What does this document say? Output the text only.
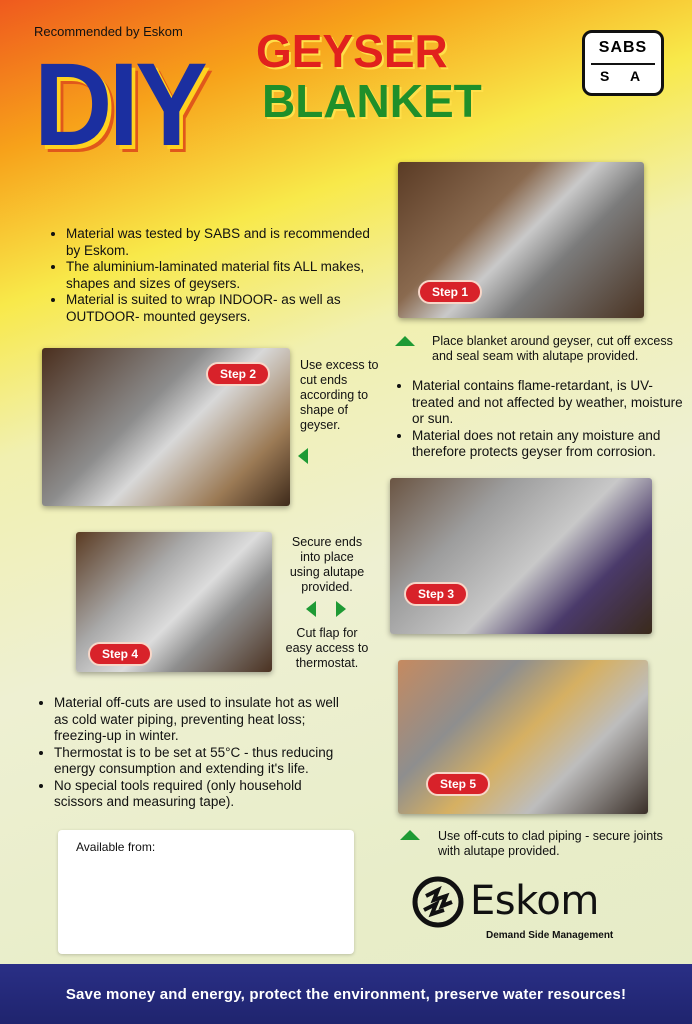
Recommended by Eskom
DIY GEYSER
BLANKET
SABS
S A
• Material was tested by SABS and is recommended by Eskom.
• The aluminium-laminated material fits ALL makes, shapes and sizes of geysers.
• Material is suited to wrap INDOOR- as well as OUTDOOR- mounted geysers.
Step 1
Place blanket around geyser, cut off excess and seal seam with alutape provided.
Step 2
Use excess to cut ends according to shape of geyser.
• Material contains flame-retardant, is UV-treated and not affected by weather, moisture or sun.
• Material does not retain any moisture and therefore protects geyser from corrosion.
Step 3
Step 4
Secure ends into place using alutape provided.
Cut flap for easy access to thermostat.
• Material off-cuts are used to insulate hot as well as cold water piping, preventing heat loss; freezing-up in winter.
• Thermostat is to be set at 55°C - thus reducing energy consumption and extending it's life.
• No special tools required (only household scissors and measuring tape).
Step 5
Use off-cuts to clad piping - secure joints with alutape provided.
Available from:
Eskom
Demand Side Management
Save money and energy, protect the environment, preserve water resources!
